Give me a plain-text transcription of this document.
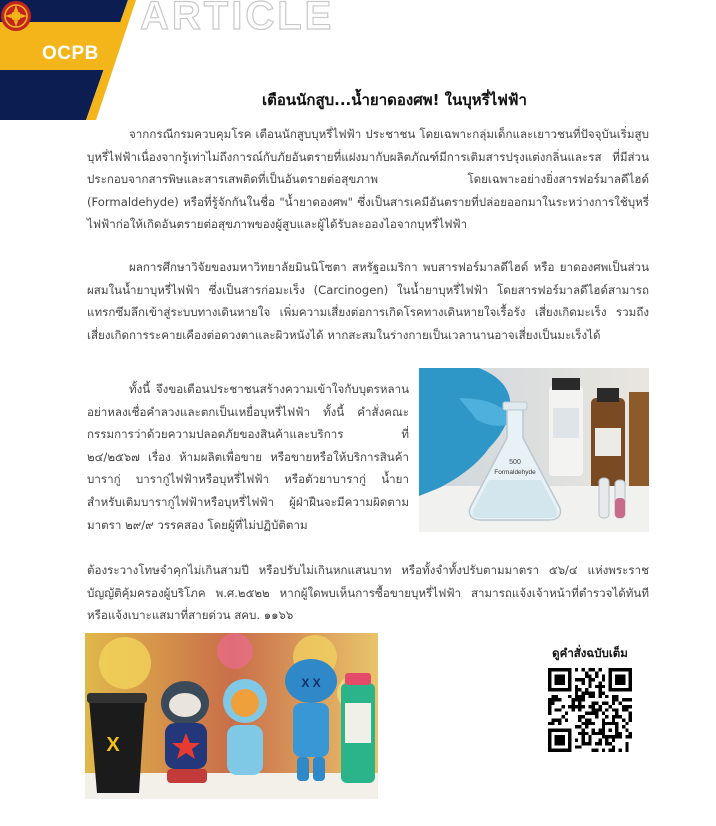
OCPB
ARTICLE
เตือนนักสูบ...น้ำยาดองศพ! ในบุหรี่ไฟฟ้า

จากกรณีกรมควบคุมโรค เตือนนักสูบบุหรี่ไฟฟ้า ประชาชน โดยเฉพาะกลุ่มเด็กและเยาวชนที่ปัจจุบันเริ่มสูบบุหรี่ไฟฟ้าเนื่องจากรู้เท่าไม่ถึงการณ์กับภัยอันตรายที่แฝงมากับผลิตภัณฑ์มีการเติมสารปรุงแต่งกลิ่นและรส ที่มีส่วนประกอบจากสารพิษและสารเสพติดที่เป็นอันตรายต่อสุขภาพ โดยเฉพาะอย่างยิ่งสารฟอร์มาลดีไฮด์ (Formaldehyde) หรือที่รู้จักกันในชื่อ "น้ำยาดองศพ" ซึ่งเป็นสารเคมีอันตรายที่ปล่อยออกมาในระหว่างการใช้บุหรี่ไฟฟ้าก่อให้เกิดอันตรายต่อสุขภาพของผู้สูบและผู้ได้รับละอองไอจากบุหรี่ไฟฟ้า

ผลการศึกษาวิจัยของมหาวิทยาลัยมินนิโซตา สหรัฐอเมริกา พบสารฟอร์มาลดีไฮด์ หรือ ยาดองศพเป็นส่วนผสมในน้ำยาบุหรี่ไฟฟ้า ซึ่งเป็นสารก่อมะเร็ง (Carcinogen) ในน้ำยาบุหรี่ไฟฟ้า โดยสารฟอร์มาลดีไฮด์สามารถแทรกซึมลึกเข้าสู่ระบบทางเดินหายใจ เพิ่มความเสี่ยงต่อการเกิดโรคทางเดินหายใจเรื้อรัง เสี่ยงเกิดมะเร็ง รวมถึงเสี่ยงเกิดการระคายเคืองต่อดวงตาและผิวหนังได้ หากสะสมในร่างกายเป็นเวลานานอาจเสี่ยงเป็นมะเร็งได้

ทั้งนี้ จึงขอเตือนประชาชนสร้างความเข้าใจกับบุตรหลาน อย่าหลงเชื่อคำลวงและตกเป็นเหยื่อบุหรี่ไฟฟ้า ทั้งนี้ คำสั่งคณะกรรมการว่าด้วยความปลอดภัยของสินค้าและบริการ ที่ ๒๔/๒๕๖๗ เรื่อง ห้ามผลิตเพื่อขาย หรือขายหรือให้บริการสินค้าบารากู่ บารากู่ไฟฟ้าหรือบุหรี่ไฟฟ้า หรือตัวยาบารากู่ น้ำยาสำหรับเติมบารากู่ไฟฟ้าหรือบุหรี่ไฟฟ้า ผู้ฝ่าฝืนจะมีความผิดตามมาตรา ๒๙/๙ วรรคสอง โดยผู้ที่ไม่ปฏิบัติตาม

ต้องระวางโทษจำคุกไม่เกินสามปี หรือปรับไม่เกินหกแสนบาท หรือทั้งจำทั้งปรับตามมาตรา ๕๖/๔ แห่งพระราชบัญญัติคุ้มครองผู้บริโภค พ.ศ.๒๕๒๒ หากผู้ใดพบเห็นการซื้อขายบุหรี่ไฟฟ้า สามารถแจ้งเจ้าหน้าที่ตำรวจได้ทันที หรือแจ้งเบาะแสมาที่สายด่วน สคบ. ๑๑๖๖

500
Formaldehyde
X
X X
ดูคำสั่งฉบับเต็ม
